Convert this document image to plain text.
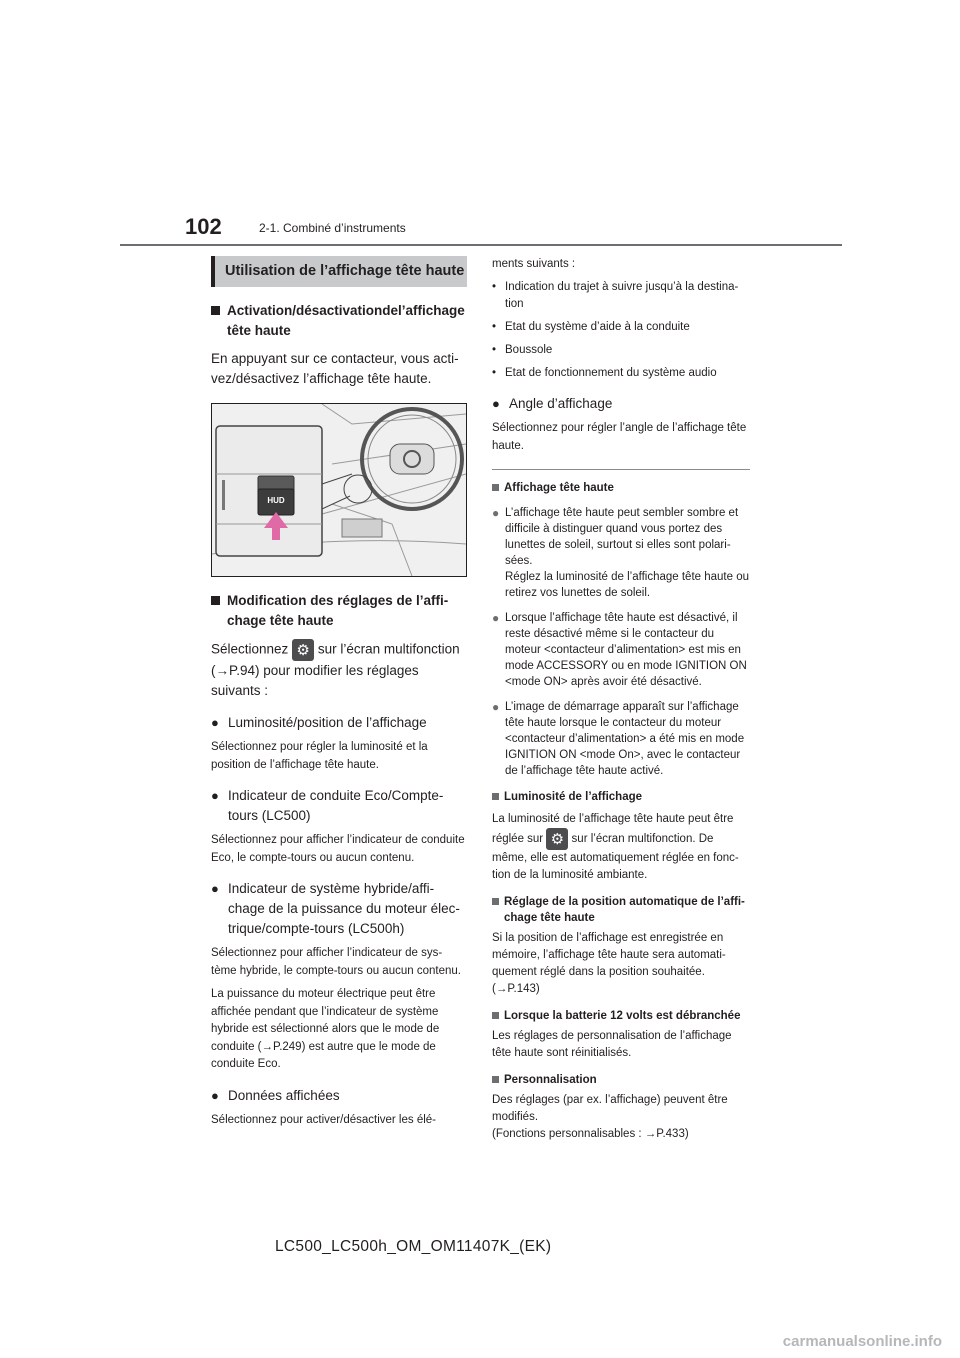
102	2-1. Combiné d’instruments
Utilisation de l’affichage tête haute
Activation/désactivationdel’affichage tête haute
En appuyant sur ce contacteur, vous acti-vez/désactivez l’affichage tête haute.
HUD
Modification des réglages de l’affi-chage tête haute
Sélectionnez ⚙ sur l’écran multifonction
(→P.94) pour modifier les réglages suivants :
● Luminosité/position de l’affichage
Sélectionnez pour régler la luminosité et la position de l’affichage tête haute.
● Indicateur de conduite Eco/Compte-tours (LC500)
Sélectionnez pour afficher l’indicateur de conduite Eco, le compte-tours ou aucun contenu.
● Indicateur de système hybride/affi-chage de la puissance du moteur élec-trique/compte-tours (LC500h)
Sélectionnez pour afficher l’indicateur de sys-tème hybride, le compte-tours ou aucun contenu.
La puissance du moteur électrique peut être affichée pendant que l’indicateur de système hybride est sélectionné alors que le mode de conduite (→P.249) est autre que le mode de conduite Eco.
● Données affichées
Sélectionnez pour activer/désactiver les élé-
ments suivants :
• Indication du trajet à suivre jusqu’à la destina-tion
• Etat du système d’aide à la conduite
• Boussole
• Etat de fonctionnement du système audio
● Angle d’affichage
Sélectionnez pour régler l’angle de l’affichage tête haute.
Affichage tête haute
● L’affichage tête haute peut sembler sombre et difficile à distinguer quand vous portez des lunettes de soleil, surtout si elles sont polari-sées.
Réglez la luminosité de l’affichage tête haute ou retirez vos lunettes de soleil.
● Lorsque l’affichage tête haute est désactivé, il reste désactivé même si le contacteur du moteur <contacteur d’alimentation> est mis en mode ACCESSORY ou en mode IGNITION ON <mode ON> après avoir été désactivé.
● L’image de démarrage apparaît sur l’affichage tête haute lorsque le contacteur du moteur <contacteur d’alimentation> a été mis en mode IGNITION ON <mode On>, avec le contacteur de l’affichage tête haute activé.
Luminosité de l’affichage
La luminosité de l’affichage tête haute peut être
réglée sur ⚙ sur l’écran multifonction. De même, elle est automatiquement réglée en fonc-tion de la luminosité ambiante.
Réglage de la position automatique de l’affi-chage tête haute
Si la position de l’affichage est enregistrée en mémoire, l’affichage tête haute sera automati-quement réglé dans la position souhaitée. (→P.143)
Lorsque la batterie 12 volts est débranchée
Les réglages de personnalisation de l’affichage tête haute sont réinitialisés.
Personnalisation
Des réglages (par ex. l’affichage) peuvent être modifiés.
(Fonctions personnalisables : →P.433)
LC500_LC500h_OM_OM11407K_(EK)
carmanualsonline.info
